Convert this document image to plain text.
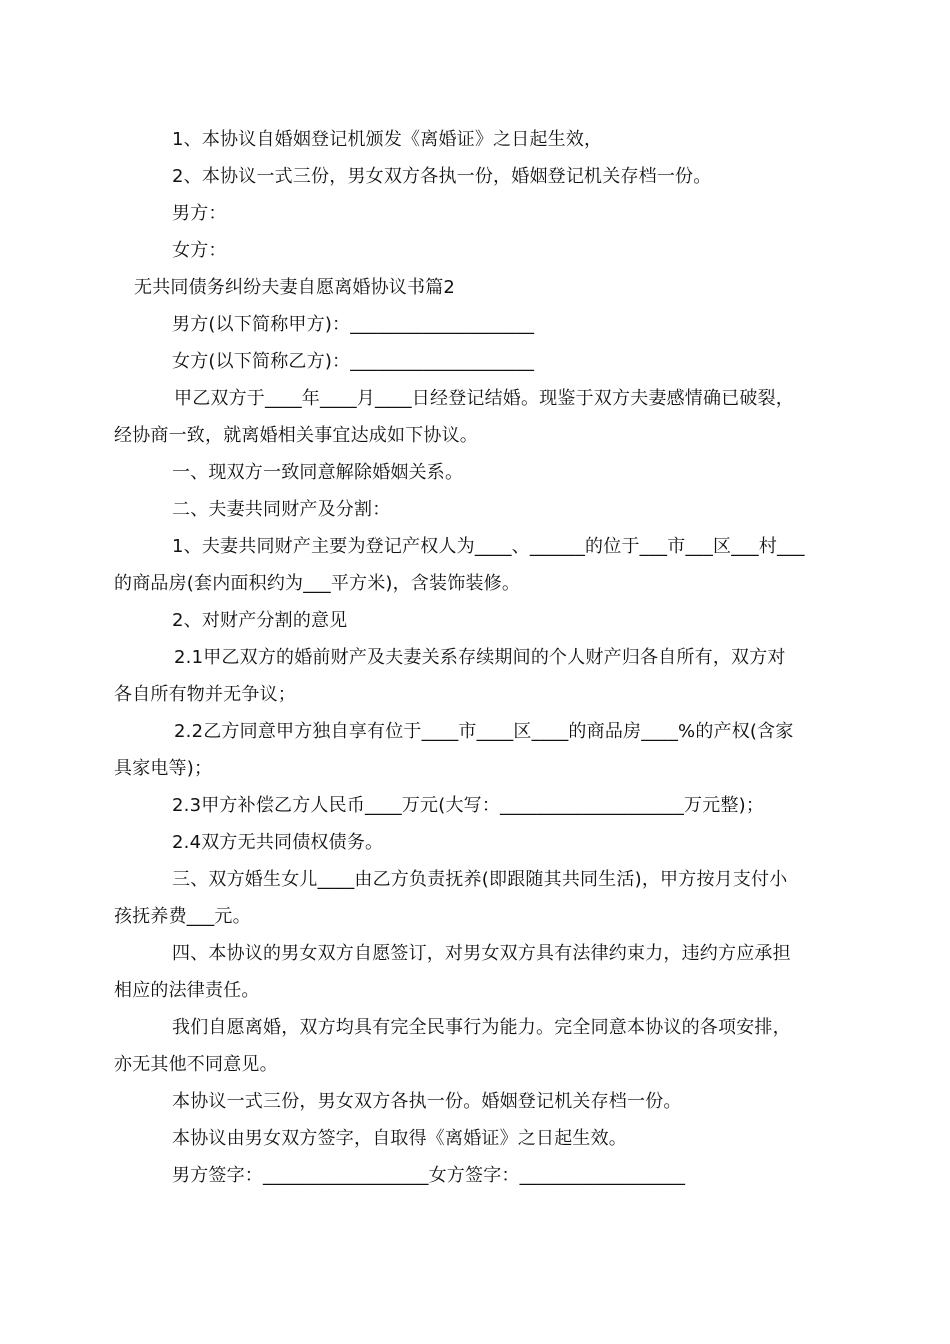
1、本协议自婚姻登记机颁发《离婚证》之日起生效，
2、本协议一式三份，男女双方各执一份，婚姻登记机关存档一份。
男方：
女方：
无共同债务纠纷夫妻自愿离婚协议书篇2
男方(以下简称甲方)：____________________
女方(以下简称乙方)：____________________
甲乙双方于____年____月____日经登记结婚。现鉴于双方夫妻感情确已破裂，
经协商一致，就离婚相关事宜达成如下协议。
一、现双方一致同意解除婚姻关系。
二、夫妻共同财产及分割：
1、夫妻共同财产主要为登记产权人为____、______的位于___市___区___村___
的商品房(套内面积约为___平方米)，含装饰装修。
2、对财产分割的意见
2.1甲乙双方的婚前财产及夫妻关系存续期间的个人财产归各自所有，双方对
各自所有物并无争议；
2.2乙方同意甲方独自享有位于____市____区____的商品房____%的产权(含家
具家电等)；
2.3甲方补偿乙方人民币____万元(大写：____________________万元整)；
2.4双方无共同债权债务。
三、双方婚生女儿____由乙方负责抚养(即跟随其共同生活)，甲方按月支付小
孩抚养费___元。
四、本协议的男女双方自愿签订，对男女双方具有法律约束力，违约方应承担
相应的法律责任。
我们自愿离婚，双方均具有完全民事行为能力。完全同意本协议的各项安排，
亦无其他不同意见。
本协议一式三份，男女双方各执一份。婚姻登记机关存档一份。
本协议由男女双方签字，自取得《离婚证》之日起生效。
男方签字：__________________女方签字：__________________
